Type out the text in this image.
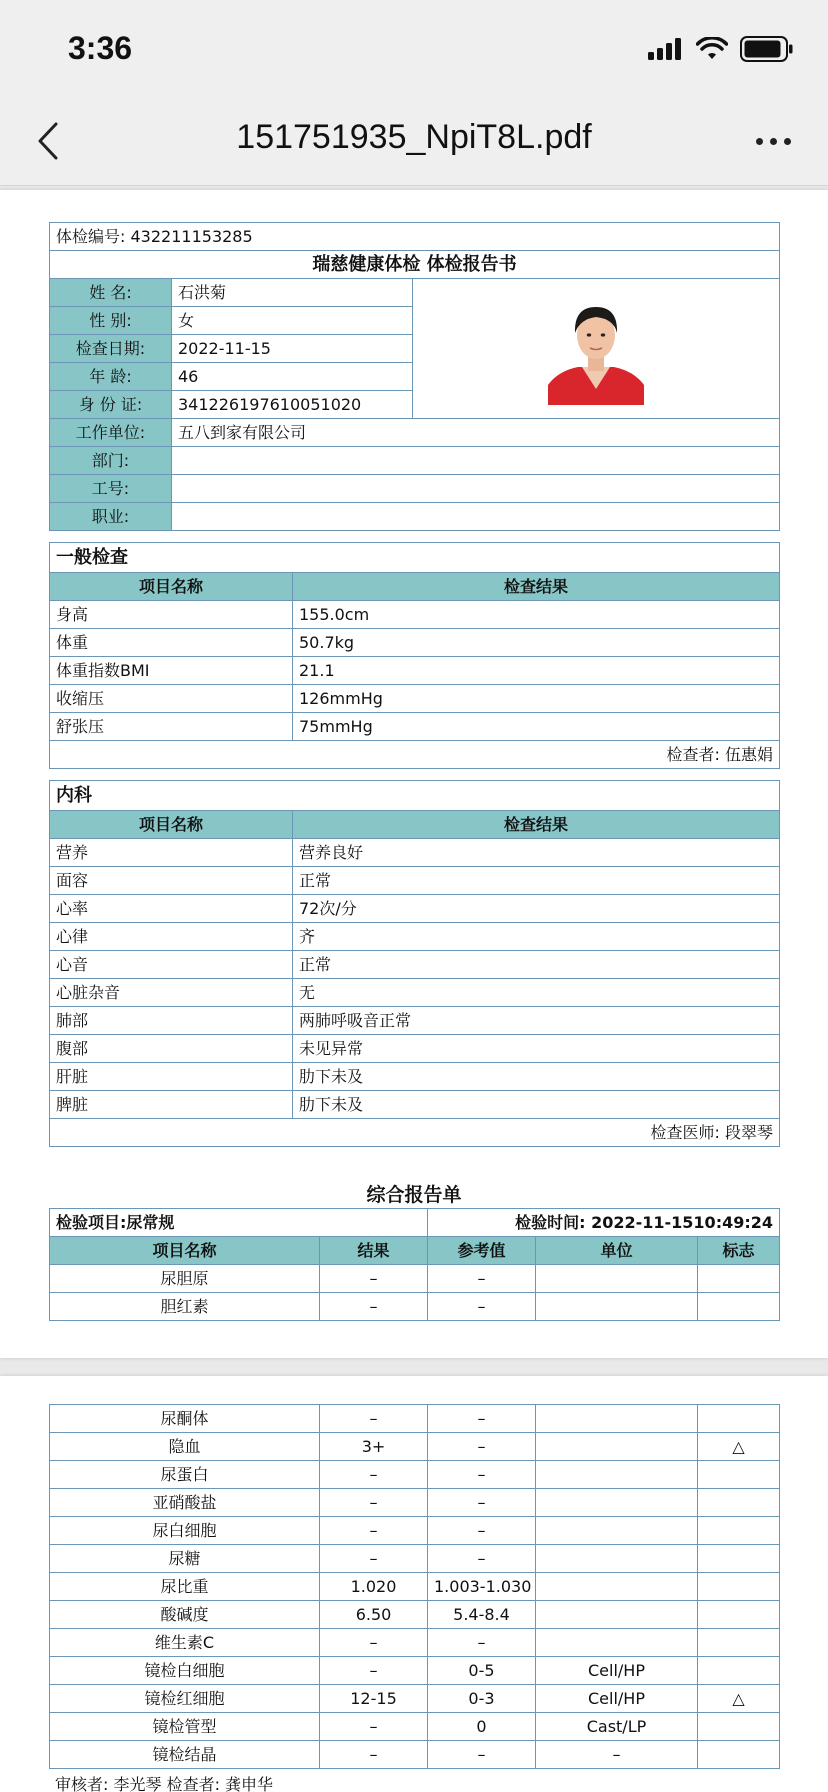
3:36
151751935_NpiT8L.pdf
体检编号: 432211153285		
瑞慈健康体检 体检报告书		
姓 名:	石洪菊	

性 别:	女	
检查日期:	2022-11-15	
年 龄:	46	
身 份 证:	341226197610051020	
工作单位:	五八到家有限公司	
部门:		
工号:		
职业:		
一般检查	
项目名称	检查结果
身高	155.0cm
体重	50.7kg
体重指数BMI	21.1
收缩压	126mmHg
舒张压	75mmHg
检查者: 伍惠娟	
内科	
项目名称	检查结果
营养	营养良好
面容	正常
心率	72次/分
心律	齐
心音	正常
心脏杂音	无
肺部	两肺呼吸音正常
腹部	未见异常
肝脏	肋下未及
脾脏	肋下未及
检查医师: 段翠琴	
综合报告单
检验项目:尿常规		检验时间: 2022-11-1510:49:24		
项目名称	结果	参考值	单位	标志
尿胆原	–	–		
胆红素	–	–		
尿酮体	–	–		
隐血	3+	–		△
尿蛋白	–	–		
亚硝酸盐	–	–		
尿白细胞	–	–		
尿糖	–	–		
尿比重	1.020	1.003-1.030		
酸碱度	6.50	5.4-8.4		
维生素C	–	–		
镜检白细胞	–	0-5	Cell/HP	
镜检红细胞	12-15	0-3	Cell/HP	△
镜检管型	–	0	Cast/LP	
镜检结晶	–	–	–	
审核者: 李光琴 检查者: 龚申华
